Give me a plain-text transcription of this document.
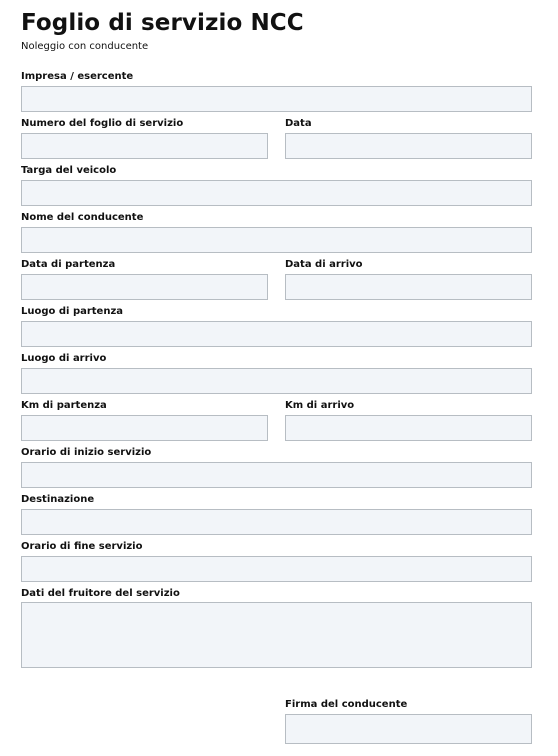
Foglio di servizio NCC

Noleggio con conducente

Impresa / esercente
Numero del foglio di servizio	Data
Targa del veicolo
Nome del conducente
Data di partenza	Data di arrivo
Luogo di partenza
Luogo di arrivo
Km di partenza	Km di arrivo
Orario di inizio servizio
Destinazione
Orario di fine servizio
Dati del fruitore del servizio
Firma del conducente
